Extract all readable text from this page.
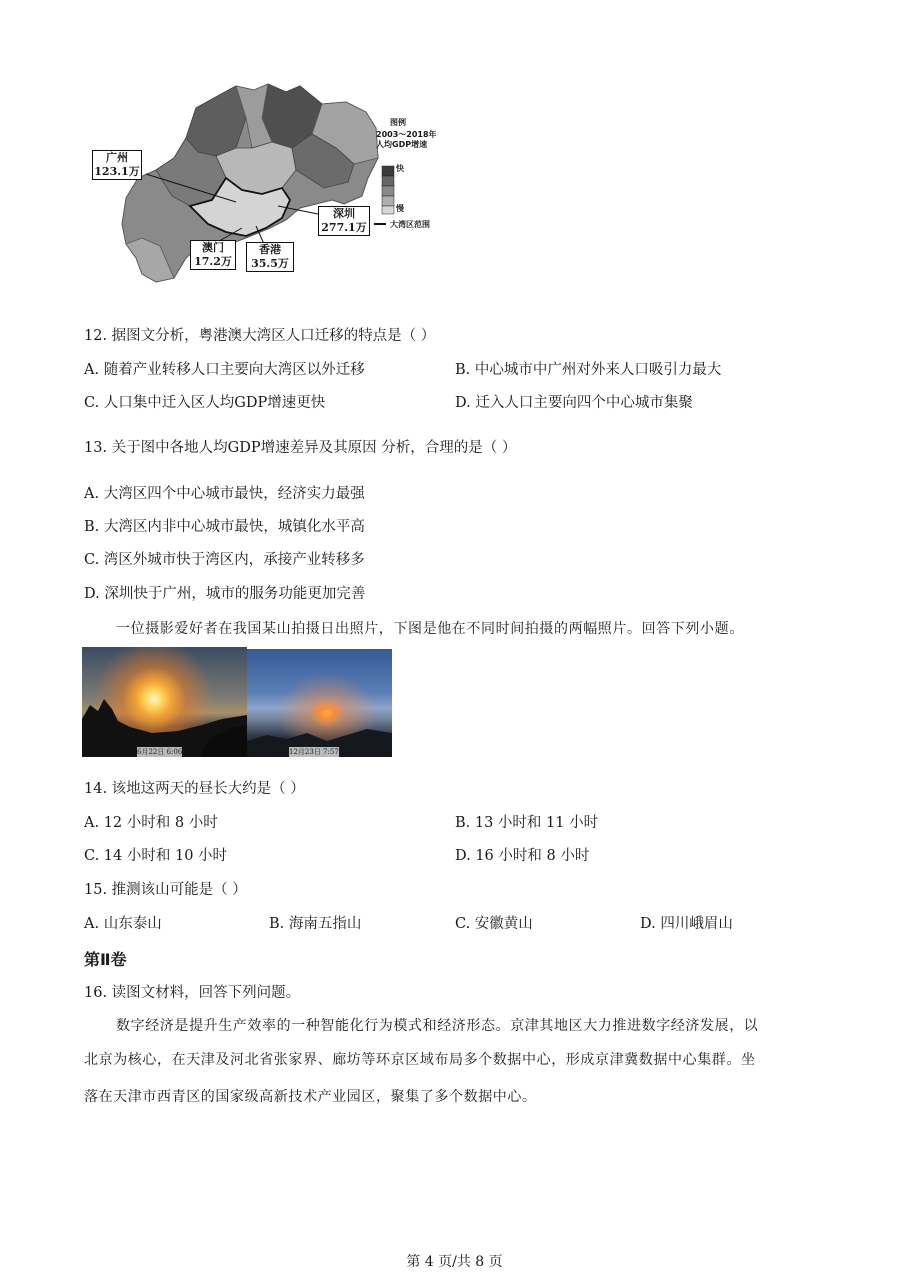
广州
123.1万
澳门
17.2万
香港
35.5万
深圳
277.1万
图例
2003～2018年
人均GDP增速
快
慢
大湾区范围
12. 据图文分析，粤港澳大湾区人口迁移的特点是（ ）
A. 随着产业转移人口主要向大湾区以外迁移	B. 中心城市中广州对外来人口吸引力最大
C. 人口集中迁入区人均GDP增速更快	D. 迁入人口主要向四个中心城市集聚
13. 关于图中各地人均GDP增速差异及其原因 分析，合理的是（ ）
A. 大湾区四个中心城市最快，经济实力最强
B. 大湾区内非中心城市最快，城镇化水平高
C. 湾区外城市快于湾区内，承接产业转移多
D. 深圳快于广州，城市的服务功能更加完善
一位摄影爱好者在我国某山拍摄日出照片，下图是他在不同时间拍摄的两幅照片。回答下列小题。
6月22日 6:06	12月23日 7:57
14. 该地这两天的昼长大约是（ ）
A. 12 小时和 8 小时	B. 13 小时和 11 小时
C. 14 小时和 10 小时	D. 16 小时和 8 小时
15. 推测该山可能是（ ）
A. 山东泰山	B. 海南五指山	C. 安徽黄山	D. 四川峨眉山
第Ⅱ卷
16. 读图文材料，回答下列问题。
数字经济是提升生产效率的一种智能化行为模式和经济形态。京津其地区大力推进数字经济发展，以
北京为核心，在天津及河北省张家界、廊坊等环京区域布局多个数据中心，形成京津冀数据中心集群。坐
落在天津市西青区的国家级高新技术产业园区，聚集了多个数据中心。
第 4 页/共 8 页
